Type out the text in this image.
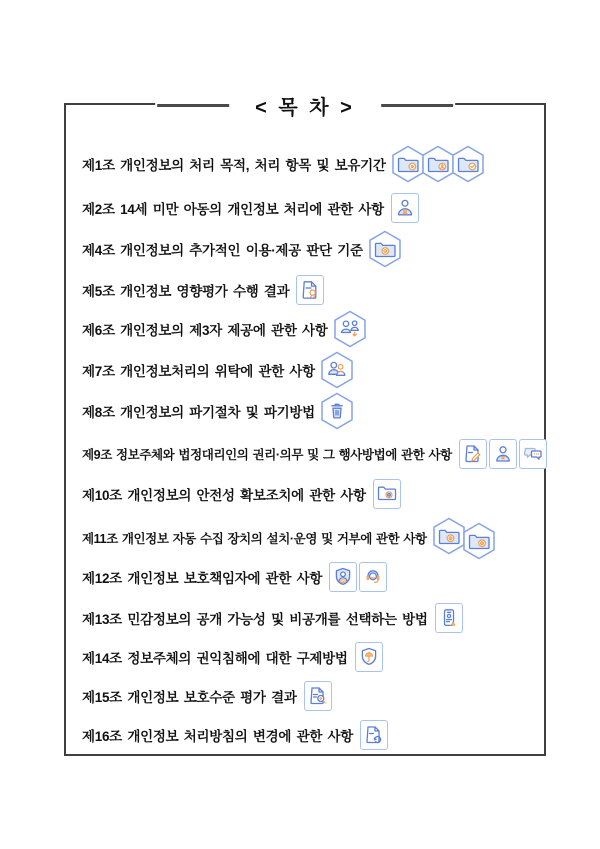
< 목 차 >
제1조 개인정보의 처리 목적, 처리 항목 및 보유기간
제2조 14세 미만 아동의 개인정보 처리에 관한 사항
제4조 개인정보의 추가적인 이용·제공 판단 기준
제5조 개인정보 영향평가 수행 결과
제6조 개인정보의 제3자 제공에 관한 사항
제7조 개인정보처리의 위탁에 관한 사항
제8조 개인정보의 파기절차 및 파기방법
제9조 정보주체와 법정대리인의 권리·의무 및 그 행사방법에 관한 사항
제10조 개인정보의 안전성 확보조치에 관한 사항
제11조 개인정보 자동 수집 장치의 설치·운영 및 거부에 관한 사항
제12조 개인정보 보호책임자에 관한 사항	CPO
제13조 민감정보의 공개 가능성 및 비공개를 선택하는 방법
제14조 정보주체의 권익침해에 대한 구제방법
제15조 개인정보 보호수준 평가 결과
제16조 개인정보 처리방침의 변경에 관한 사항
